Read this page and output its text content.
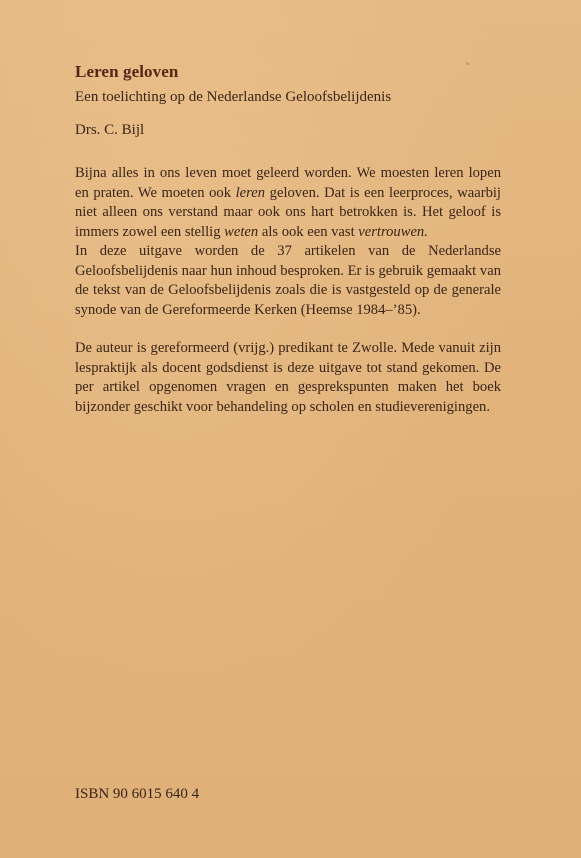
Leren geloven

Een toelichting op de Nederlandse Geloofsbelijdenis

Drs. C. Bijl

Bijna alles in ons leven moet geleerd worden. We moesten leren lopen en praten. We moeten ook leren geloven. Dat is een leerproces, waarbij niet alleen ons verstand maar ook ons hart betrokken is. Het geloof is immers zowel een stellig weten als ook een vast vertrouwen.

In deze uitgave worden de 37 artikelen van de Nederlandse Geloofsbelijdenis naar hun inhoud besproken. Er is gebruik gemaakt van de tekst van de Geloofsbelijdenis zoals die is vastgesteld op de generale synode van de Gereformeerde Kerken (Heemse 1984–’85).

De auteur is gereformeerd (vrijg.) predikant te Zwolle. Mede vanuit zijn lespraktijk als docent godsdienst is deze uitgave tot stand gekomen. De per artikel opgenomen vragen en gesprekspunten maken het boek bijzonder geschikt voor behandeling op scholen en studieverenigingen.

ISBN 90 6015 640 4
